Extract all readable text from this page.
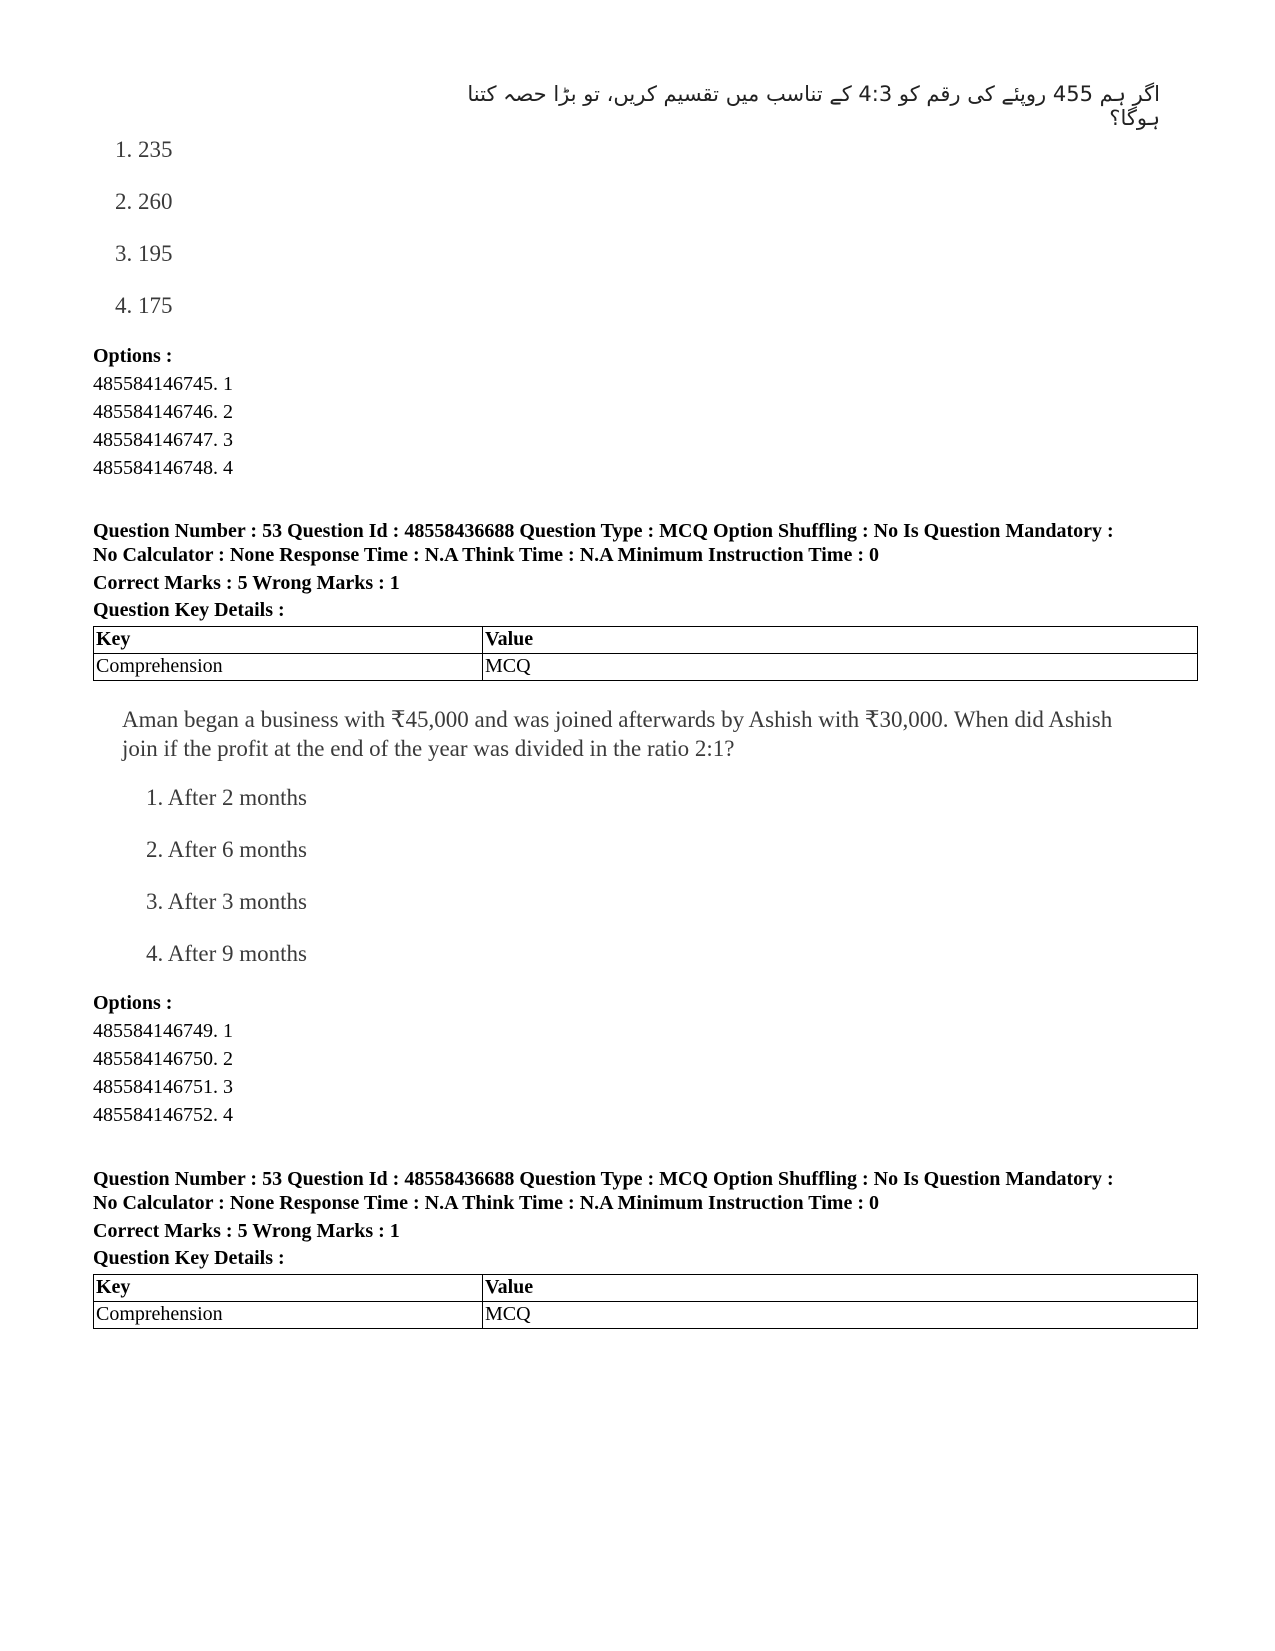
اگر ہم 455 روپئے کی رقم کو 4:3 کے تناسب میں تقسیم کریں، تو بڑا حصہ کتنا ہوگا؟
1. 235
2. 260
3. 195
4. 175
Options :
485584146745. 1
485584146746. 2
485584146747. 3
485584146748. 4
Question Number : 53 Question Id : 48558436688 Question Type : MCQ Option Shuffling : No Is Question Mandatory :
No Calculator : None Response Time : N.A Think Time : N.A Minimum Instruction Time : 0
Correct Marks : 5 Wrong Marks : 1
Question Key Details :
Key	Value
Comprehension	MCQ
Aman began a business with ₹45,000 and was joined afterwards by Ashish with ₹30,000. When did Ashish
join if the profit at the end of the year was divided in the ratio 2:1?
1. After 2 months
2. After 6 months
3. After 3 months
4. After 9 months
Options :
485584146749. 1
485584146750. 2
485584146751. 3
485584146752. 4
Question Number : 53 Question Id : 48558436688 Question Type : MCQ Option Shuffling : No Is Question Mandatory :
No Calculator : None Response Time : N.A Think Time : N.A Minimum Instruction Time : 0
Correct Marks : 5 Wrong Marks : 1
Question Key Details :
Key	Value
Comprehension	MCQ
